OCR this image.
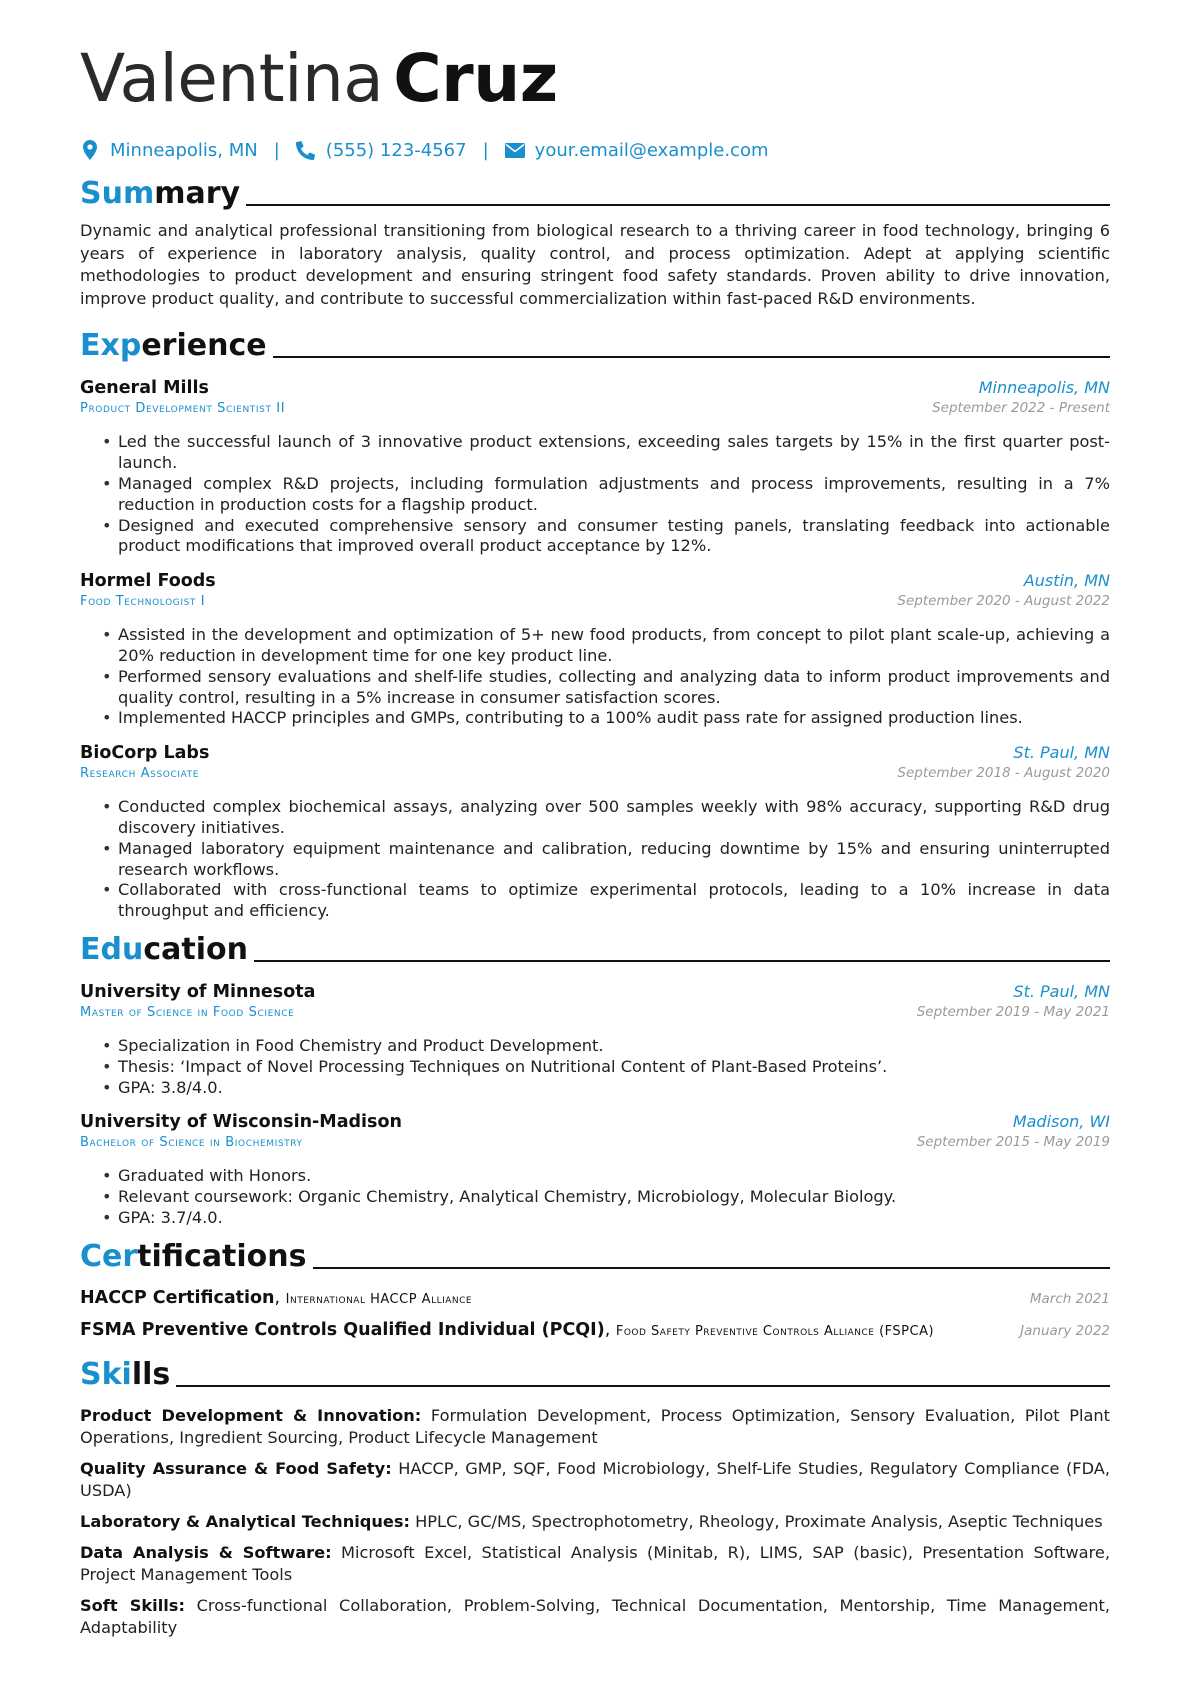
Valentina Cruz
Minneapolis, MN |	(555) 123-4567 |	your.email@example.com
Summary

Dynamic and analytical professional transitioning from biological research to a thriving career in food technology, bringing 6 years of experience in laboratory analysis, quality control, and process optimization. Adept at applying scientific methodologies to product development and ensuring stringent food safety standards. Proven ability to drive innovation, improve product quality, and contribute to successful commercialization within fast-paced R&D environments.

Experience
General Mills	Minneapolis, MN
Product Development Scientist II	September 2022 - Present
• Led the successful launch of 3 innovative product extensions, exceeding sales targets by 15% in the first quarter post-launch.
• Managed complex R&D projects, including formulation adjustments and process improvements, resulting in a 7% reduction in production costs for a flagship product.
• Designed and executed comprehensive sensory and consumer testing panels, translating feedback into actionable product modifications that improved overall product acceptance by 12%.
Hormel Foods	Austin, MN
Food Technologist I	September 2020 - August 2022
• Assisted in the development and optimization of 5+ new food products, from concept to pilot plant scale-up, achieving a 20% reduction in development time for one key product line.
• Performed sensory evaluations and shelf-life studies, collecting and analyzing data to inform product improvements and quality control, resulting in a 5% increase in consumer satisfaction scores.
• Implemented HACCP principles and GMPs, contributing to a 100% audit pass rate for assigned production lines.
BioCorp Labs	St. Paul, MN
Research Associate	September 2018 - August 2020
• Conducted complex biochemical assays, analyzing over 500 samples weekly with 98% accuracy, supporting R&D drug discovery initiatives.
• Managed laboratory equipment maintenance and calibration, reducing downtime by 15% and ensuring uninterrupted research workflows.
• Collaborated with cross-functional teams to optimize experimental protocols, leading to a 10% increase in data throughput and efficiency.
Education
University of Minnesota	St. Paul, MN
Master of Science in Food Science	September 2019 - May 2021
• Specialization in Food Chemistry and Product Development.
• Thesis: ‘Impact of Novel Processing Techniques on Nutritional Content of Plant-Based Proteins’.
• GPA: 3.8/4.0.
University of Wisconsin-Madison	Madison, WI
Bachelor of Science in Biochemistry	September 2015 - May 2019
• Graduated with Honors.
• Relevant coursework: Organic Chemistry, Analytical Chemistry, Microbiology, Molecular Biology.
• GPA: 3.7/4.0.
Certifications
HACCP Certification, International HACCP Alliance	March 2021
FSMA Preventive Controls Qualified Individual (PCQI), Food Safety Preventive Controls Alliance (FSPCA)	January 2022
Skills

Product Development & Innovation: Formulation Development, Process Optimization, Sensory Evaluation, Pilot Plant Operations, Ingredient Sourcing, Product Lifecycle Management

Quality Assurance & Food Safety: HACCP, GMP, SQF, Food Microbiology, Shelf-Life Studies, Regulatory Compliance (FDA, USDA)

Laboratory & Analytical Techniques: HPLC, GC/MS, Spectrophotometry, Rheology, Proximate Analysis, Aseptic Techniques

Data Analysis & Software: Microsoft Excel, Statistical Analysis (Minitab, R), LIMS, SAP (basic), Presentation Software, Project Management Tools

Soft Skills: Cross-functional Collaboration, Problem-Solving, Technical Documentation, Mentorship, Time Management, Adaptability
